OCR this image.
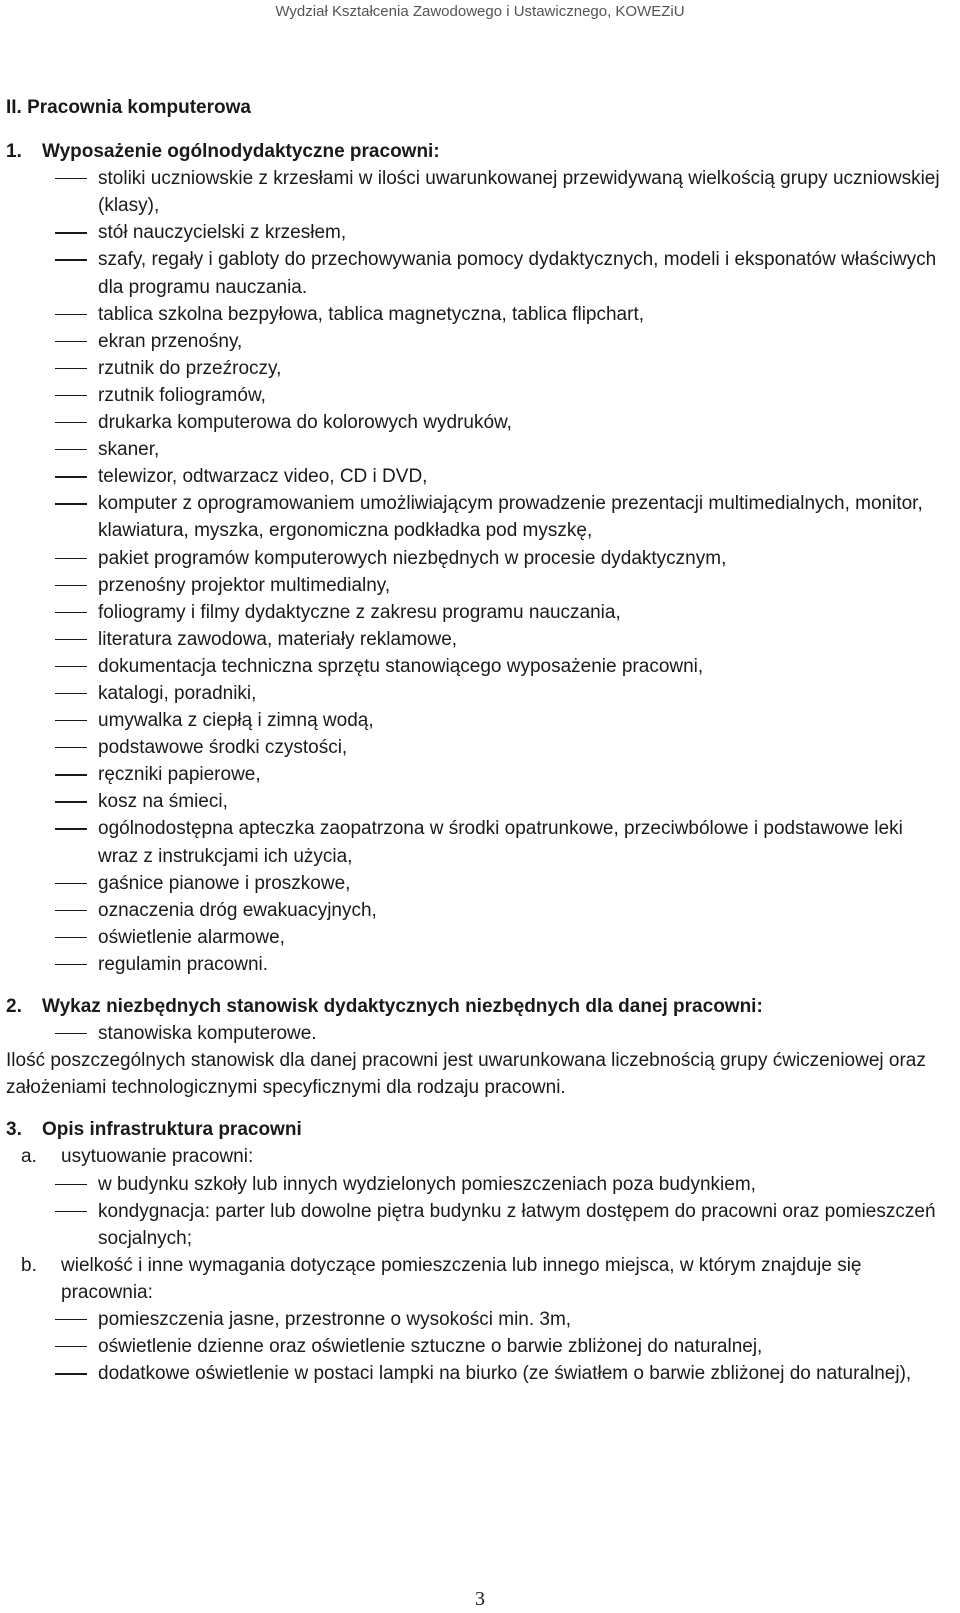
Wydział Kształcenia Zawodowego i Ustawicznego, KOWEZiU
II. Pracownia komputerowa
1.	Wyposażenie ogólnodydaktyczne pracowni:
stoliki uczniowskie z krzesłami w ilości uwarunkowanej przewidywaną wielkością grupy uczniowskiej (klasy),
stół nauczycielski z krzesłem,
szafy, regały i gabloty do przechowywania pomocy dydaktycznych, modeli i eksponatów właściwych dla programu nauczania.
tablica szkolna bezpyłowa, tablica magnetyczna, tablica flipchart,
ekran przenośny,
rzutnik do przeźroczy,
rzutnik foliogramów,
drukarka komputerowa do kolorowych wydruków,
skaner,
telewizor, odtwarzacz video, CD i DVD,
komputer z oprogramowaniem umożliwiającym prowadzenie prezentacji multimedialnych, monitor, klawiatura, myszka, ergonomiczna podkładka pod myszkę,
pakiet programów komputerowych niezbędnych w procesie dydaktycznym,
przenośny projektor multimedialny,
foliogramy i filmy dydaktyczne z zakresu programu nauczania,
literatura zawodowa, materiały reklamowe,
dokumentacja techniczna sprzętu stanowiącego wyposażenie pracowni,
katalogi, poradniki,
umywalka z ciepłą i zimną wodą,
podstawowe środki czystości,
ręczniki papierowe,
kosz na śmieci,
ogólnodostępna apteczka zaopatrzona w środki opatrunkowe, przeciwbólowe i podstawowe leki wraz z instrukcjami ich użycia,
gaśnice pianowe i proszkowe,
oznaczenia dróg ewakuacyjnych,
oświetlenie alarmowe,
regulamin pracowni.
2.	Wykaz niezbędnych stanowisk dydaktycznych niezbędnych dla danej pracowni:
stanowiska komputerowe.
Ilość poszczególnych stanowisk dla danej pracowni jest uwarunkowana liczebnością grupy ćwiczeniowej oraz założeniami technologicznymi specyficznymi dla rodzaju pracowni.
3.	Opis infrastruktura pracowni
a. usytuowanie pracowni:
w budynku szkoły lub innych wydzielonych pomieszczeniach poza budynkiem,
kondygnacja: parter lub dowolne piętra budynku z łatwym dostępem do pracowni oraz pomieszczeń socjalnych;
b. wielkość i inne wymagania dotyczące pomieszczenia lub innego miejsca, w którym znajduje się pracownia:
pomieszczenia jasne, przestronne o wysokości min. 3m,
oświetlenie dzienne oraz oświetlenie sztuczne o barwie zbliżonej do naturalnej,
dodatkowe oświetlenie w postaci lampki na biurko (ze światłem o barwie zbliżonej do naturalnej),
3
